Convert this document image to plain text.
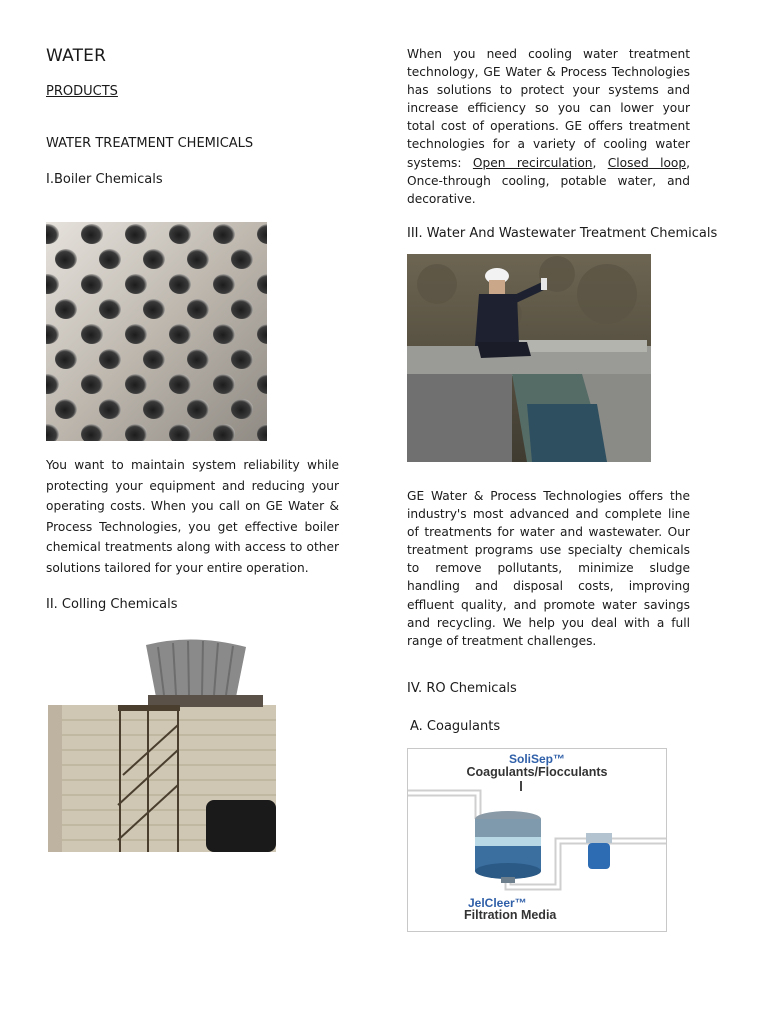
WATER
PRODUCTS
WATER TREATMENT CHEMICALS
I.Boiler Chemicals
You want to maintain system reliability while protecting your equipment and reducing your operating costs. When you call on GE Water & Process Technologies, you get effective boiler chemical treatments along with access to other solutions tailored for your entire operation.
II. Colling Chemicals
When you need cooling water treatment technology, GE Water & Process Technologies has solutions to protect your systems and increase efficiency so you can lower your total cost of operations. GE offers treatment technologies for a variety of cooling water systems: Open recirculation, Closed loop, Once-through cooling, potable water, and decorative.
III. Water And Wastewater Treatment Chemicals
GE Water & Process Technologies offers the industry's most advanced and complete line of treatments for water and wastewater. Our treatment programs use specialty chemicals to remove pollutants, minimize sludge handling and disposal costs, improving effluent quality, and promote water savings and recycling. We help you deal with a full range of treatment challenges.
IV. RO Chemicals
A. Coagulants
SoliSep™
Coagulants/Flocculants
JelCleer™
Filtration Media
